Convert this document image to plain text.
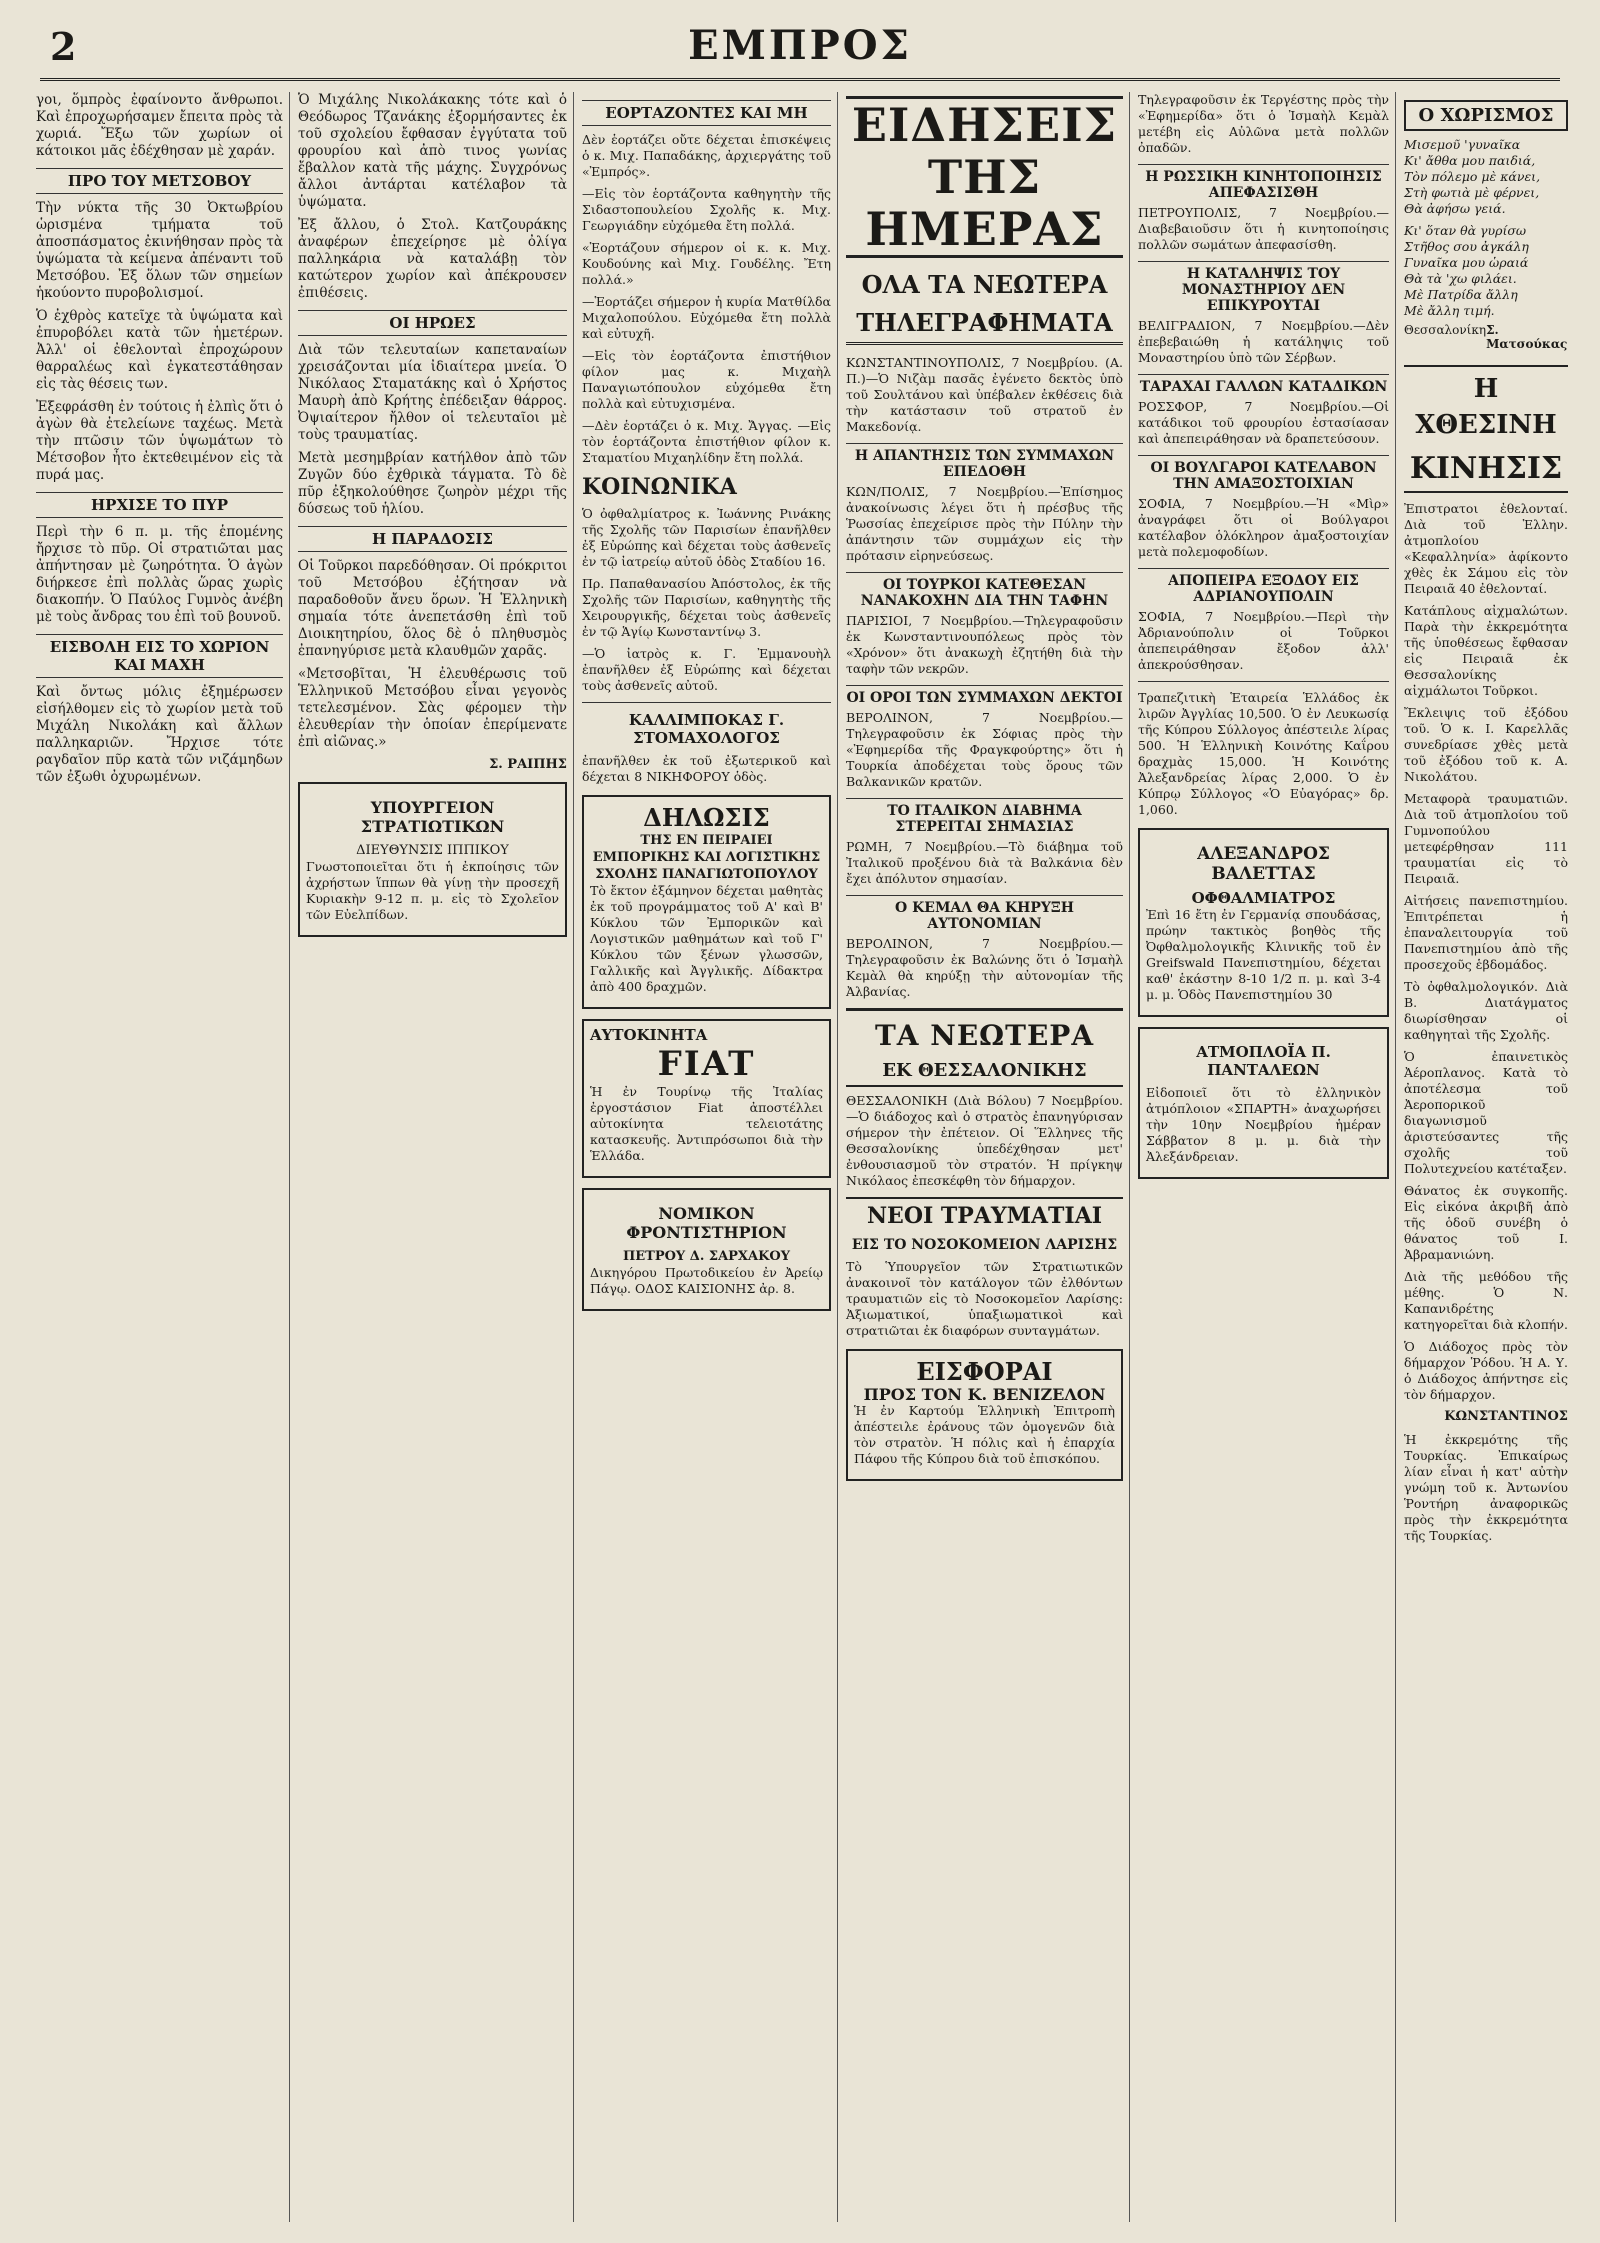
2	ΕΜΠΡΟΣ

γοι, ὅμπρὸς ἐφαίνοντο ἄνθρωποι. Καὶ ἐπροχωρήσαμεν ἔπειτα πρὸς τὰ χωριά. Ἔξω τῶν χωρίων οἱ κάτοικοι μᾶς ἐδέχθησαν μὲ χαράν.

ΠΡΟ ΤΟΥ ΜΕΤΣΟΒΟΥ

Τὴν νύκτα τῆς 30 Ὀκτωβρίου ὡρισμένα τμήματα τοῦ ἀποσπάσματος ἐκινήθησαν πρὸς τὰ ὑψώματα τὰ κείμενα ἀπέναντι τοῦ Μετσόβου. Ἐξ ὅλων τῶν σημείων ἡκούοντο πυροβολισμοί.

Ὁ ἐχθρὸς κατεῖχε τὰ ὑψώματα καὶ ἐπυροβόλει κατὰ τῶν ἡμετέρων. Ἀλλ' οἱ ἐθελονταὶ ἐπροχώρουν θαρραλέως καὶ ἐγκατεστάθησαν εἰς τὰς θέσεις των.

Ἐξεφράσθη ἐν τούτοις ἡ ἐλπὶς ὅτι ὁ ἀγὼν θὰ ἐτελείωνε ταχέως. Μετὰ τὴν πτῶσιν τῶν ὑψωμάτων τὸ Μέτσοβον ἦτο ἐκτεθειμένον εἰς τὰ πυρά μας.

ΗΡΧΙΣΕ ΤΟ ΠΥΡ

Περὶ τὴν 6 π. μ. τῆς ἑπομένης ἤρχισε τὸ πῦρ. Οἱ στρατιῶται μας ἀπήντησαν μὲ ζωηρότητα. Ὁ ἀγὼν διήρκεσε ἐπὶ πολλὰς ὥρας χωρὶς διακοπήν. Ὁ Παύλος Γυμνὸς ἀνέβη μὲ τοὺς ἄνδρας του ἐπὶ τοῦ βουνοῦ.

ΕΙΣΒΟΛΗ ΕΙΣ ΤΟ ΧΩΡΙΟΝ ΚΑΙ ΜΑΧΗ

Καὶ ὄντως μόλις ἐξημέρωσεν εἰσήλθομεν εἰς τὸ χωρίον μετὰ τοῦ Μιχάλη Νικολάκη καὶ ἄλλων παλληκαριῶν. Ἤρχισε τότε ραγδαῖον πῦρ κατὰ τῶν νιζάμηδων τῶν ἐξωθι ὀχυρωμένων.

Ὁ Μιχάλης Νικολάκακης τότε καὶ ὁ Θεόδωρος Τζανάκης ἐξορμήσαντες ἐκ τοῦ σχολείου ἔφθασαν ἐγγύτατα τοῦ φρουρίου καὶ ἀπὸ τινος γωνίας ἔβαλλον κατὰ τῆς μάχης. Συγχρόνως ἄλλοι ἀντάρται κατέλαβον τὰ ὑψώματα.

Ἐξ ἄλλου, ὁ Στολ. Κατζουράκης ἀναφέρων ἐπεχείρησε μὲ ὀλίγα παλληκάρια νὰ καταλάβῃ τὸν κατώτερον χωρίον καὶ ἀπέκρουσεν ἐπιθέσεις.

ΟΙ ΗΡΩΕΣ

Διὰ τῶν τελευταίων καπεταναίων χρεισάζονται μία ἰδιαίτερα μνεία. Ὁ Νικόλαος Σταματάκης καὶ ὁ Χρήστος Μαυρὴ ἀπὸ Κρήτης ἐπέδειξαν θάρρος. Ὀψιαίτερον ἤλθον οἱ τελευταῖοι μὲ τοὺς τραυματίας.

Μετὰ μεσημβρίαν κατήλθον ἀπὸ τῶν Ζυγῶν δύο ἐχθρικὰ τάγματα. Τὸ δὲ πῦρ ἐξηκολούθησε ζωηρὸν μέχρι τῆς δύσεως τοῦ ἡλίου.

Η ΠΑΡΑΔΟΣΙΣ

Οἱ Τοῦρκοι παρεδόθησαν. Οἱ πρόκριτοι τοῦ Μετσόβου ἐζήτησαν νὰ παραδοθοῦν ἄνευ ὅρων. Ἡ Ἑλληνικὴ σημαία τότε ἀνεπετάσθη ἐπὶ τοῦ Διοικητηρίου, ὅλος δὲ ὁ πληθυσμὸς ἐπανηγύρισε μετὰ κλαυθμῶν χαρᾶς.

«Μετσοβῖται, Ἡ ἐλευθέρωσις τοῦ Ἑλληνικοῦ Μετσόβου εἶναι γεγονὸς τετελεσμένον. Σὰς φέρομεν τὴν ἐλευθερίαν τὴν ὁποίαν ἐπερίμενατε ἐπὶ αἰῶνας.»

Σ. ΡΑΙΠΗΣ
ΥΠΟΥΡΓΕΙΟΝ ΣΤΡΑΤΙΩΤΙΚΩΝ
ΔΙΕΥΘΥΝΣΙΣ ΙΠΠΙΚΟΥ

Γνωστοποιεῖται ὅτι ἡ ἐκποίησις τῶν ἀχρήστων ἵππων θὰ γίνῃ τὴν προσεχῆ Κυριακὴν 9-12 π. μ. εἰς τὸ Σχολεῖον τῶν Εὐελπίδων.

ΕΟΡΤΑΖΟΝΤΕΣ ΚΑΙ ΜΗ

Δὲν ἑορτάζει οὔτε δέχεται ἐπισκέψεις ὁ κ. Μιχ. Παπαδάκης, ἀρχιεργάτης τοῦ «Ἐμπρός».

—Εἰς τὸν ἑορτάζοντα καθηγητὴν τῆς Σιδαστοπουλείου Σχολῆς κ. Μιχ. Γεωργιάδην εὐχόμεθα ἔτη πολλά.

«Ἑορτάζουν σήμερον οἱ κ. κ. Μιχ. Κουδούνης καὶ Μιχ. Γουδέλης. Ἔτη πολλά.»

—Ἑορτάζει σήμερον ἡ κυρία Ματθίλδα Μιχαλοπούλου. Εὐχόμεθα ἔτη πολλὰ καὶ εὐτυχῆ.

—Εἰς τὸν ἑορτάζοντα ἐπιστήθιον φίλον μας κ. Μιχαὴλ Παναγιωτόπουλον εὐχόμεθα ἔτη πολλὰ καὶ εὐτυχισμένα.

—Δὲν ἑορτάζει ὁ κ. Μιχ. Ἄγγας. —Εἰς τὸν ἑορτάζοντα ἐπιστήθιον φίλον κ. Σταματίου Μιχαηλίδην ἔτη πολλά.

ΚΟΙΝΩΝΙΚΑ

Ὁ ὀφθαλμίατρος κ. Ἰωάννης Ρινάκης τῆς Σχολῆς τῶν Παρισίων ἐπανῆλθεν ἐξ Εὐρώπης καὶ δέχεται τοὺς ἀσθενεῖς ἐν τῷ ἰατρείῳ αὐτοῦ ὁδὸς Σταδίου 16.

Πρ. Παπαθανασίου Ἀπόστολος, ἐκ τῆς Σχολῆς τῶν Παρισίων, καθηγητὴς τῆς Χειρουργικῆς, δέχεται τοὺς ἀσθενεῖς ἐν τῷ Ἁγίῳ Κωνσταντίνῳ 3.

—Ὁ ἰατρὸς κ. Γ. Ἐμμανουὴλ ἐπανῆλθεν ἐξ Εὐρώπης καὶ δέχεται τοὺς ἀσθενεῖς αὐτοῦ.

ΚΑΛΛΙΜΠΟΚΑΣ Γ. ΣΤΟΜΑΧΟΛΟΓΟΣ

ἐπανῆλθεν ἐκ τοῦ ἐξωτερικοῦ καὶ δέχεται 8 ΝΙΚΗΦΟΡΟΥ ὁδὸς.

ΔΗΛΩΣΙΣ
ΤΗΣ ΕΝ ΠΕΙΡΑΙΕΙ ΕΜΠΟΡΙΚΗΣ ΚΑΙ ΛΟΓΙΣΤΙΚΗΣ ΣΧΟΛΗΣ ΠΑΝΑΓΙΩΤΟΠΟΥΛΟΥ

Τὸ ἔκτον ἐξάμηνον δέχεται μαθητὰς ἐκ τοῦ προγράμματος τοῦ Α' καὶ Β' Κύκλου τῶν Ἐμπορικῶν καὶ Λογιστικῶν μαθημάτων καὶ τοῦ Γ' Κύκλου τῶν ξένων γλωσσῶν, Γαλλικῆς καὶ Ἀγγλικῆς. Δίδακτρα ἀπὸ 400 δραχμῶν.

ΑΥΤΟΚΙΝΗΤΑ
FIAT

Ἡ ἐν Τουρίνῳ τῆς Ἰταλίας ἐργοστάσιον Fiat ἀποστέλλει αὐτοκίνητα τελειοτάτης κατασκευῆς. Ἀντιπρόσωποι διὰ τὴν Ἑλλάδα.

ΝΟΜΙΚΟΝ ΦΡΟΝΤΙΣΤΗΡΙΟΝ
ΠΕΤΡΟΥ Δ. ΣΑΡΧΑΚΟΥ

Δικηγόρου Πρωτοδικείου ἐν Ἀρείῳ Πάγῳ. ΟΔΟΣ ΚΑΙΣΙΟΝΗΣ ἀρ. 8.

ΕΙΔΗΣΕΙΣ ΤΗΣ ΗΜΕΡΑΣ
ΟΛΑ ΤΑ ΝΕΩΤΕΡΑ ΤΗΛΕΓΡΑΦΗΜΑΤΑ

ΚΩΝΣΤΑΝΤΙΝΟΥΠΟΛΙΣ, 7 Νοεμβρίου. (Α. Π.)—Ὁ Νιζὰμ πασᾶς ἐγένετο δεκτὸς ὑπὸ τοῦ Σουλτάνου καὶ ὑπέβαλεν ἐκθέσεις διὰ τὴν κατάστασιν τοῦ στρατοῦ ἐν Μακεδονίᾳ.

Η ΑΠΑΝΤΗΣΙΣ ΤΩΝ ΣΥΜΜΑΧΩΝ ΕΠΕΔΟΘΗ

ΚΩΝ/ΠΟΛΙΣ, 7 Νοεμβρίου.—Ἐπίσημος ἀνακοίνωσις λέγει ὅτι ἡ πρέσβυς τῆς Ῥωσσίας ἐπεχείρισε πρὸς τὴν Πύλην τὴν ἀπάντησιν τῶν συμμάχων εἰς τὴν πρότασιν εἰρηνεύσεως.

ΟΙ ΤΟΥΡΚΟΙ ΚΑΤΕΘΕΣΑΝ ΝΑΝΑΚΟΧΗΝ ΔΙΑ ΤΗΝ ΤΑΦΗΝ

ΠΑΡΙΣΙΟΙ, 7 Νοεμβρίου.—Τηλεγραφοῦσιν ἐκ Κωνσταντινουπόλεως πρὸς τὸν «Χρόνον» ὅτι ἀνακωχὴ ἐζητήθη διὰ τὴν ταφὴν τῶν νεκρῶν.

ΟΙ ΟΡΟΙ ΤΩΝ ΣΥΜΜΑΧΩΝ ΔΕΚΤΟΙ

ΒΕΡΟΛΙΝΟΝ, 7 Νοεμβρίου.—Τηλεγραφοῦσιν ἐκ Σόφιας πρὸς τὴν «Ἐφημερίδα τῆς Φραγκφούρτης» ὅτι ἡ Τουρκία ἀποδέχεται τοὺς ὅρους τῶν Βαλκανικῶν κρατῶν.

ΤΟ ΙΤΑΛΙΚΟΝ ΔΙΑΒΗΜΑ ΣΤΕΡΕΙΤΑΙ ΣΗΜΑΣΙΑΣ

ΡΩΜΗ, 7 Νοεμβρίου.—Τὸ διάβημα τοῦ Ἰταλικοῦ προξένου διὰ τὰ Βαλκάνια δὲν ἔχει ἀπόλυτον σημασίαν.

Ο ΚΕΜΑΛ ΘΑ ΚΗΡΥΞΗ ΑΥΤΟΝΟΜΙΑΝ

ΒΕΡΟΛΙΝΟΝ, 7 Νοεμβρίου.—Τηλεγραφοῦσιν ἐκ Βαλώνης ὅτι ὁ Ἰσμαὴλ Κεμὰλ θὰ κηρύξῃ τὴν αὐτονομίαν τῆς Ἀλβανίας.

ΤΑ ΝΕΩΤΕΡΑ
ΕΚ ΘΕΣΣΑΛΟΝΙΚΗΣ

ΘΕΣΣΑΛΟΝΙΚΗ (Διὰ Βόλου) 7 Νοεμβρίου.—Ὁ διάδοχος καὶ ὁ στρατὸς ἐπανηγύρισαν σήμερον τὴν ἐπέτειον. Οἱ Ἕλληνες τῆς Θεσσαλονίκης ὑπεδέχθησαν μετ' ἐνθουσιασμοῦ τὸν στρατόν. Ἡ πρίγκηψ Νικόλαος ἐπεσκέφθη τὸν δήμαρχον.

ΝΕΟΙ ΤΡΑΥΜΑΤΙΑΙ
ΕΙΣ ΤΟ ΝΟΣΟΚΟΜΕΙΟΝ ΛΑΡΙΣΗΣ

Τὸ Ὑπουργεῖον τῶν Στρατιωτικῶν ἀνακοινοῖ τὸν κατάλογον τῶν ἐλθόντων τραυματιῶν εἰς τὸ Νοσοκομεῖον Λαρίσης: Ἀξιωματικοί, ὑπαξιωματικοὶ καὶ στρατιῶται ἐκ διαφόρων συνταγμάτων.

ΕΙΣΦΟΡΑΙ
ΠΡΟΣ ΤΟΝ Κ. ΒΕΝΙΖΕΛΟΝ

Ἡ ἐν Καρτούμ Ἑλληνικὴ Ἐπιτροπὴ ἀπέστειλε ἐράνους τῶν ὁμογενῶν διὰ τὸν στρατὸν. Ἡ πόλις καὶ ἡ ἐπαρχία Πάφου τῆς Κύπρου διὰ τοῦ ἐπισκόπου.

Τηλεγραφοῦσιν ἐκ Τεργέστης πρὸς τὴν «Ἐφημερίδα» ὅτι ὁ Ἰσμαὴλ Κεμὰλ μετέβη εἰς Αὐλῶνα μετὰ πολλῶν ὀπαδῶν.

Η ΡΩΣΣΙΚΗ ΚΙΝΗΤΟΠΟΙΗΣΙΣ ΑΠΕΦΑΣΙΣΘΗ

ΠΕΤΡΟΥΠΟΛΙΣ, 7 Νοεμβρίου.—Διαβεβαιοῦσιν ὅτι ἡ κινητοποίησις πολλῶν σωμάτων ἀπεφασίσθη.

Η ΚΑΤΑΛΗΨΙΣ ΤΟΥ ΜΟΝΑΣΤΗΡΙΟΥ ΔΕΝ ΕΠΙΚΥΡΟΥΤΑΙ

ΒΕΛΙΓΡΑΔΙΟΝ, 7 Νοεμβρίου.—Δὲν ἐπεβεβαιώθη ἡ κατάληψις τοῦ Μοναστηρίου ὑπὸ τῶν Σέρβων.

ΤΑΡΑΧΑΙ ΓΑΛΛΩΝ ΚΑΤΑΔΙΚΩΝ

ΡΟΣΣΦΟΡ, 7 Νοεμβρίου.—Οἱ κατάδικοι τοῦ φρουρίου ἐστασίασαν καὶ ἀπεπειράθησαν νὰ δραπετεύσουν.

ΟΙ ΒΟΥΛΓΑΡΟΙ ΚΑΤΕΛΑΒΟΝ ΤΗΝ ΑΜΑΞΟΣΤΟΙΧΙΑΝ

ΣΟΦΙΑ, 7 Νοεμβρίου.—Ἡ «Μὶρ» ἀναγράφει ὅτι οἱ Βούλγαροι κατέλαβον ὁλόκληρον ἀμαξοστοιχίαν μετὰ πολεμοφοδίων.

ΑΠΟΠΕΙΡΑ ΕΞΟΔΟΥ ΕΙΣ ΑΔΡΙΑΝΟΥΠΟΛΙΝ

ΣΟΦΙΑ, 7 Νοεμβρίου.—Περὶ τὴν Ἀδριανούπολιν οἱ Τοῦρκοι ἀπεπειράθησαν ἔξοδον ἀλλ' ἀπεκρούσθησαν.

Τραπεζιτικὴ Ἑταιρεία Ἑλλάδος ἐκ λιρῶν Ἀγγλίας 10,500. Ὁ ἐν Λευκωσίᾳ τῆς Κύπρου Σύλλογος ἀπέστειλε λίρας 500. Ἡ Ἑλληνικὴ Κοινότης Καΐρου δραχμὰς 15,000. Ἡ Κοινότης Ἀλεξανδρείας λίρας 2,000. Ὁ ἐν Κύπρῳ Σύλλογος «Ὁ Εὐαγόρας» δρ. 1,060.

ΑΛΕΞΑΝΔΡΟΣ ΒΑΛΕΤΤΑΣ
ΟΦΘΑΛΜΙΑΤΡΟΣ

Ἐπὶ 16 ἔτη ἐν Γερμανίᾳ σπουδάσας, πρώην τακτικὸς βοηθὸς τῆς Ὀφθαλμολογικῆς Κλινικῆς τοῦ ἐν Greifswald Πανεπιστημίου, δέχεται καθ' ἑκάστην 8-10 1/2 π. μ. καὶ 3-4 μ. μ. Ὁδὸς Πανεπιστημίου 30

ΑΤΜΟΠΛΟΪΑ Π. ΠΑΝΤΑΛΕΩΝ

Εἰδοποιεῖ ὅτι τὸ ἐλληνικὸν ἀτμόπλοιον «ΣΠΑΡΤΗ» ἀναχωρήσει τὴν 10ην Νοεμβρίου ἡμέραν Σάββατον 8 μ. μ. διὰ τὴν Ἀλεξάνδρειαν.

Ο ΧΩΡΙΣΜΟΣ

Μισεμοῦ 'γυναῖκα

Κι' ἄθθα μου παιδιά,

Τὸν πόλεμο μὲ κάνει,

Στὴ φωτιὰ μὲ φέρνει,

Θὰ ἀφήσω γειά.

Κι' ὅταν θὰ γυρίσω

Στῆθος σου ἀγκάλη

Γυναῖκα μου ὡραιά

Θὰ τὰ 'χω φιλάει.

Μὲ Πατρίδα ἄλλη

Μὲ ἄλλη τιμή.

Θεσσαλονίκη Σ. Ματσούκας
Η ΧΘΕΣΙΝΗ
ΚΙΝΗΣΙΣ

Ἐπιστρατοι ἐθελονταί. Διὰ τοῦ Ἑλλην. ἀτμοπλοίου «Κεφαλληνία» ἀφίκοντο χθὲς ἐκ Σάμου εἰς τὸν Πειραιᾶ 40 ἐθελονταί.

Κατάπλους αἰχμαλώτων. Παρὰ τὴν ἐκκρεμότητα τῆς ὑποθέσεως ἔφθασαν εἰς Πειραιᾶ ἐκ Θεσσαλονίκης αἰχμάλωτοι Τοῦρκοι.

Ἔκλειψις τοῦ ἐξόδου τοῦ. Ὁ κ. Ι. Καρελλᾶς συνεδρίασε χθὲς μετὰ τοῦ ἐξόδου τοῦ κ. Α. Νικολάτου.

Μεταφορὰ τραυματιῶν. Διὰ τοῦ ἀτμοπλοίου τοῦ Γυμνοπούλου μετεφέρθησαν 111 τραυματίαι εἰς τὸ Πειραιᾶ.

Αἰτήσεις πανεπιστημίου. Ἐπιτρέπεται ἡ ἐπαναλειτουργία τοῦ Πανεπιστημίου ἀπὸ τῆς προσεχοῦς ἑβδομάδος.

Τὸ ὀφθαλμολογικόν. Διὰ Β. Διατάγματος διωρίσθησαν οἱ καθηγηταὶ τῆς Σχολῆς.

Ὁ ἐπαινετικὸς Ἀέροπλανος. Κατὰ τὸ ἀποτέλεσμα τοῦ Ἀεροπορικοῦ διαγωνισμοῦ ἀριστεύσαντες τῆς σχολῆς τοῦ Πολυτεχνείου κατέταξεν.

Θάνατος ἐκ συγκοπῆς. Εἰς εἰκόνα ἀκριβῆ ἀπὸ τῆς ὁδοῦ συνέβη ὁ θάνατος τοῦ Ι. Ἀβραμανιώνη.

Διὰ τῆς μεθόδου τῆς μέθης. Ὁ Ν. Καπανιδρέτης κατηγορεῖται διὰ κλοπήν.

Ὁ Διάδοχος πρὸς τὸν δήμαρχον Ῥόδου. Ἡ Α. Υ. ὁ Διάδοχος ἀπήντησε εἰς τὸν δήμαρχον.

ΚΩΝΣΤΑΝΤΙΝΟΣ

Ἡ ἐκκρεμότης τῆς Τουρκίας. Ἐπικαίρως λίαν εἶναι ἡ κατ' αὐτὴν γνώμη τοῦ κ. Ἀντωνίου Ῥοντήρη ἀναφορικῶς πρὸς τὴν ἐκκρεμότητα τῆς Τουρκίας.
